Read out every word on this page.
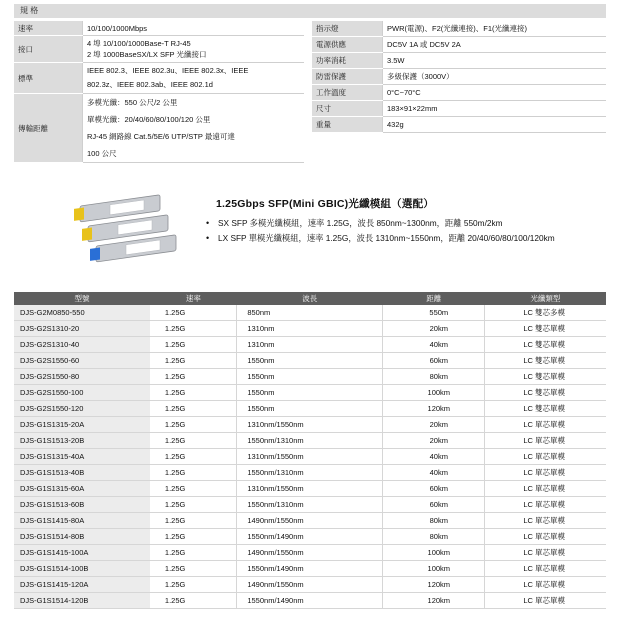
規 格
速率	10/100/1000Mbps

接口	4 埠 10/100/1000Base-T RJ-45
2 埠 1000BaseSX/LX SFP 光纖接口

標準	IEEE 802.3、IEEE 802.3u、IEEE 802.3x、IEEE
802.3z、IEEE 802.3ab、IEEE 802.1d

傳輸距離	多模光纖：550 公尺/2 公里
單模光纖：20/40/60/80/100/120 公里
RJ-45 網路線 Cat.5/5E/6 UTP/STP 最遠可達
100 公尺
指示燈	PWR(電源)、F2(光纖連接)、F1(光纖連接)
電源供應	DC5V 1A 或 DC5V 2A
功率消耗	3.5W
防雷保護	多級保護（3000V）
工作溫度	0°C~70°C
尺寸	183×91×22mm
重量	432g
1.25Gbps SFP(Mini GBIC)光纖模組（選配）
• SX SFP 多模光纖模組，速率 1.25G，波長 850nm~1300nm，距離 550m/2km
• LX SFP 單模光纖模組，速率 1.25G，波長 1310nm~1550nm，距離 20/40/60/80/100/120km
型號	速率	波長	距離	光纖類型
DJS-G2M0850-550	1.25G	850nm	550m	LC 雙芯多模
DJS-G2S1310-20	1.25G	1310nm	20km	LC 雙芯單模
DJS-G2S1310-40	1.25G	1310nm	40km	LC 雙芯單模
DJS-G2S1550-60	1.25G	1550nm	60km	LC 雙芯單模
DJS-G2S1550-80	1.25G	1550nm	80km	LC 雙芯單模
DJS-G2S1550-100	1.25G	1550nm	100km	LC 雙芯單模
DJS-G2S1550-120	1.25G	1550nm	120km	LC 雙芯單模
DJS-G1S1315-20A	1.25G	1310nm/1550nm	20km	LC 單芯單模
DJS-G1S1513-20B	1.25G	1550nm/1310nm	20km	LC 單芯單模
DJS-G1S1315-40A	1.25G	1310nm/1550nm	40km	LC 單芯單模
DJS-G1S1513-40B	1.25G	1550nm/1310nm	40km	LC 單芯單模
DJS-G1S1315-60A	1.25G	1310nm/1550nm	60km	LC 單芯單模
DJS-G1S1513-60B	1.25G	1550nm/1310nm	60km	LC 單芯單模
DJS-G1S1415-80A	1.25G	1490nm/1550nm	80km	LC 單芯單模
DJS-G1S1514-80B	1.25G	1550nm/1490nm	80km	LC 單芯單模
DJS-G1S1415-100A	1.25G	1490nm/1550nm	100km	LC 單芯單模
DJS-G1S1514-100B	1.25G	1550nm/1490nm	100km	LC 單芯單模
DJS-G1S1415-120A	1.25G	1490nm/1550nm	120km	LC 單芯單模
DJS-G1S1514-120B	1.25G	1550nm/1490nm	120km	LC 單芯單模
